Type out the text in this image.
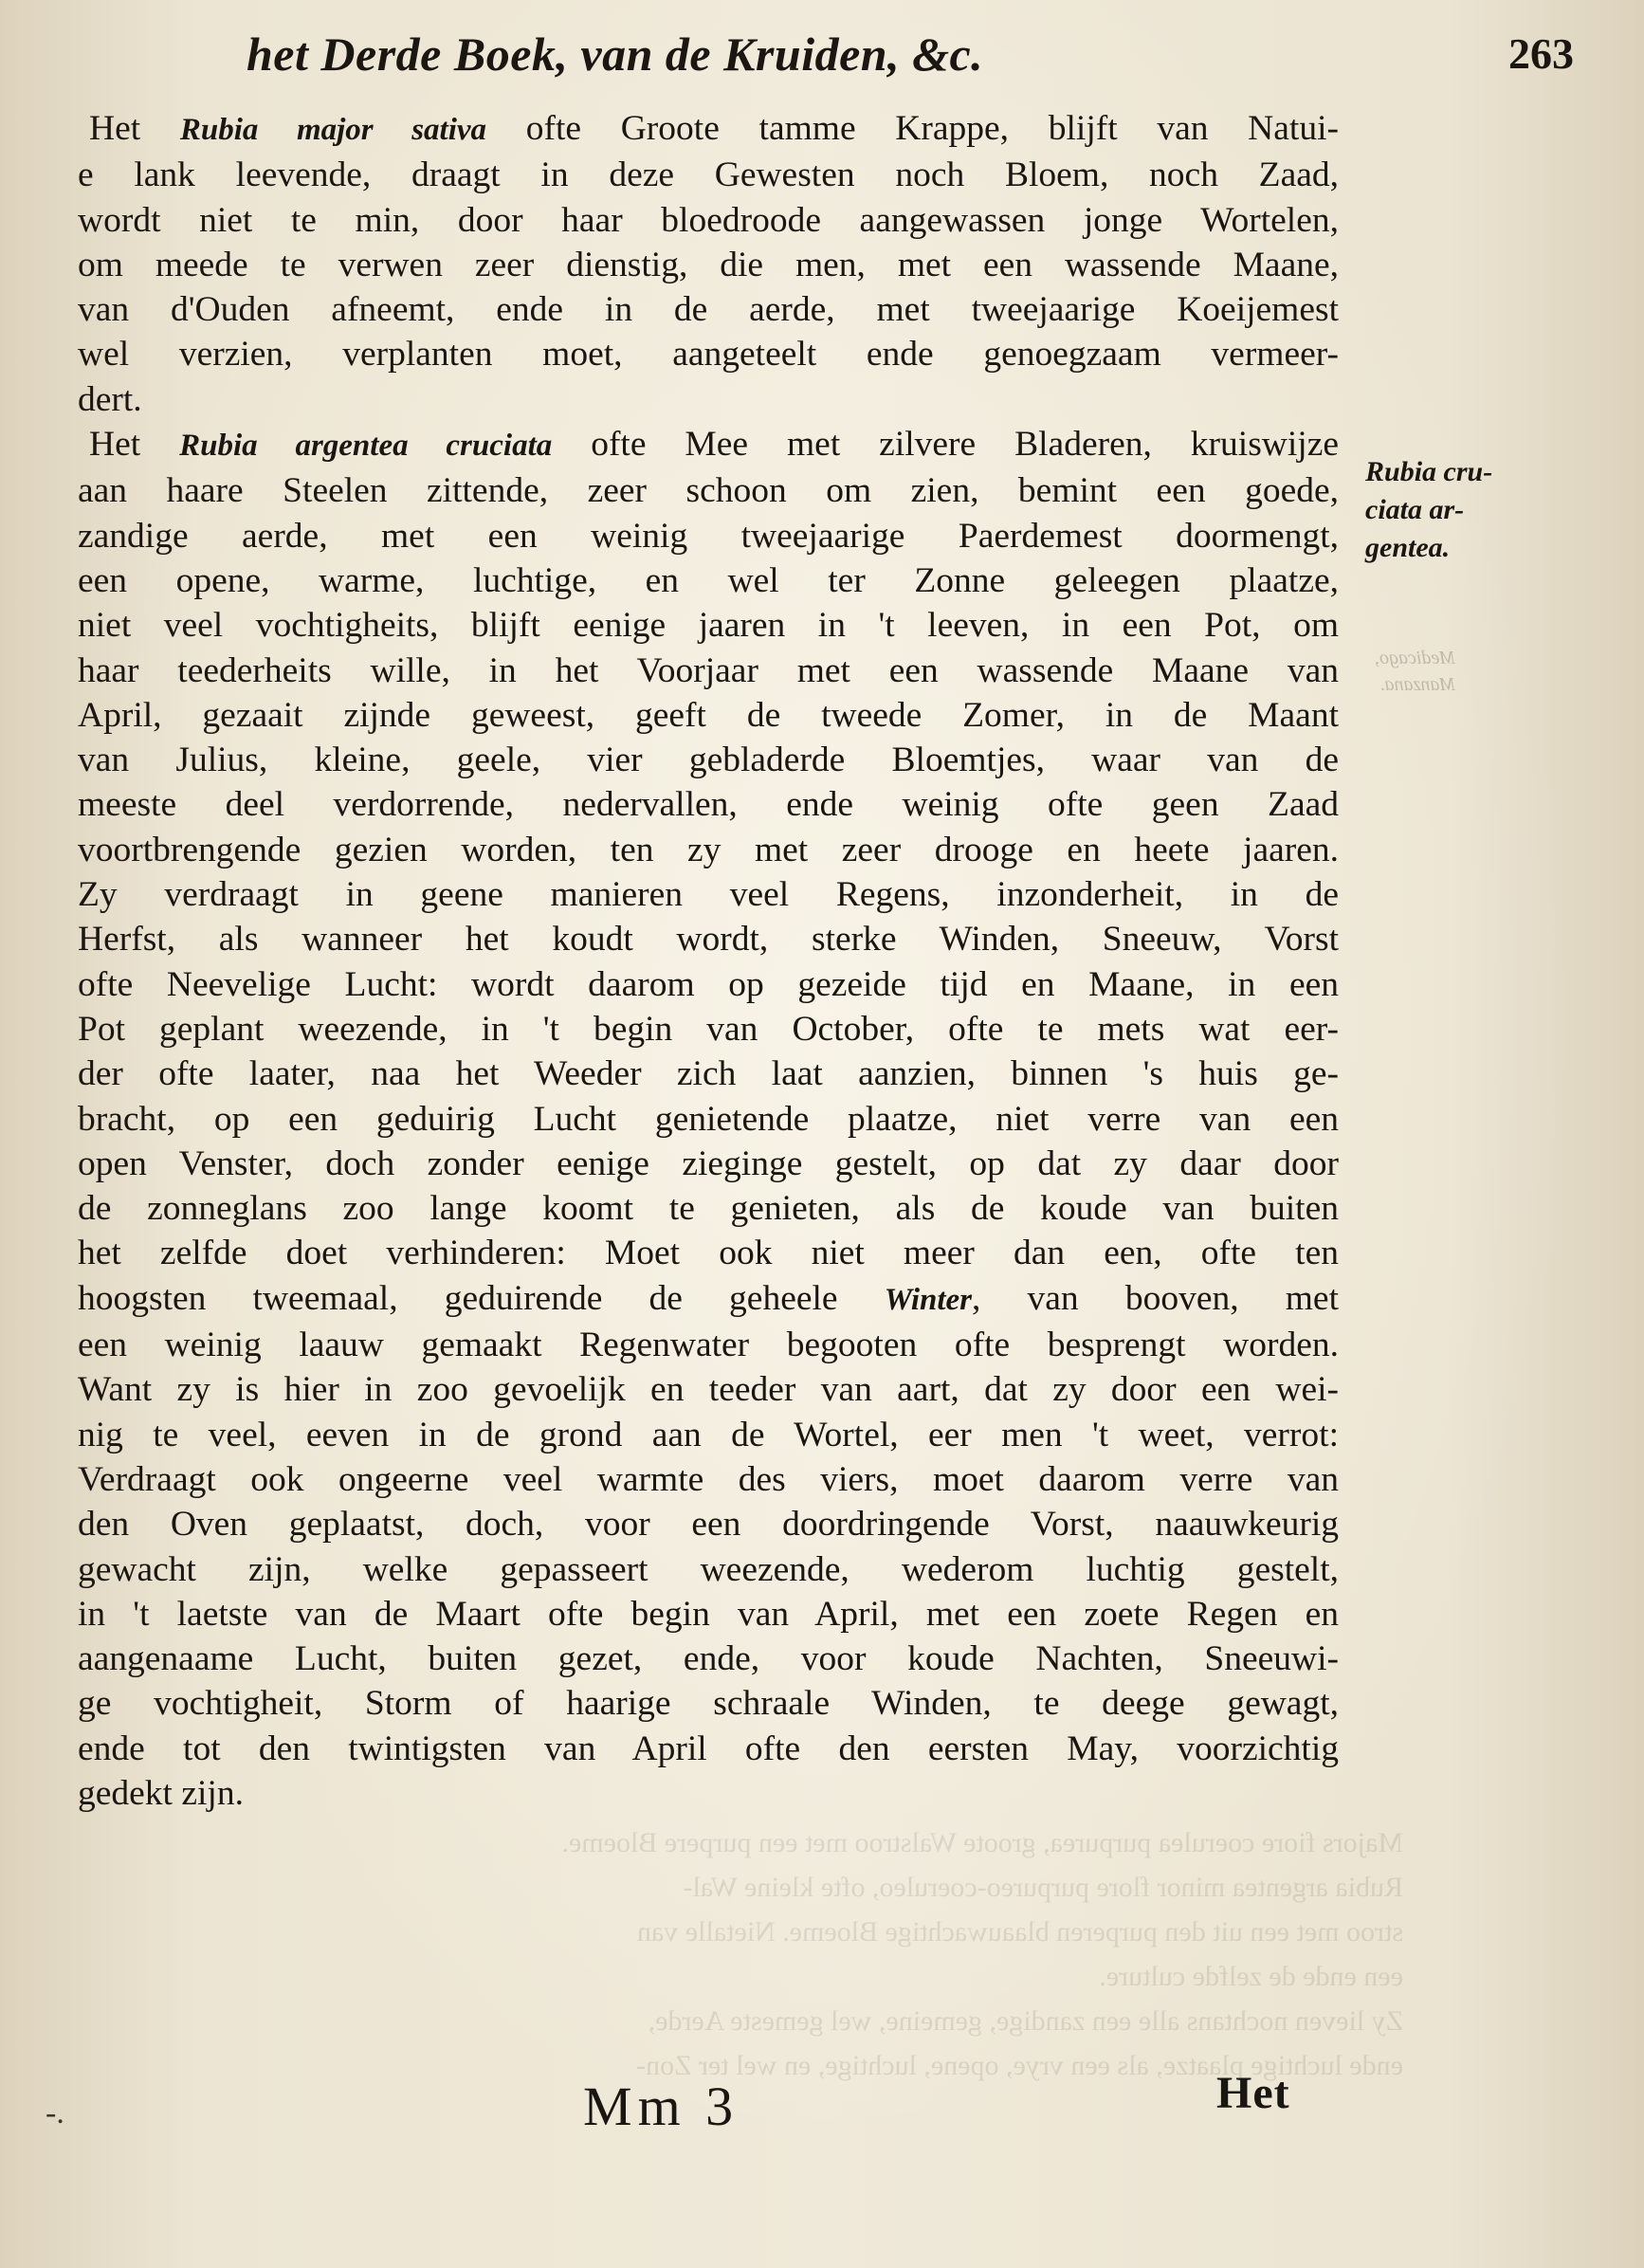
Majors fiore coerulea purpurea, groote Walstroo met een purpere Bloeme.
Rubia argentea minor flore purpureo-coeruleo, ofte kleine Wal-
stroo met een uit den purperen blaauwachtige Bloeme. Nietalle van
een ende de zelfde culture.
Zy lieven nochtans alle een zandige, gemeine, wel gemeste Aerde,
ende luchtige plaatze, als een vrye, opene, luchtige, en wel ter Zon-
het Derde Boek, van de Kruiden, &c.	263

Het Rubia major sativa ofte Groote tamme Krappe, blijft van Natui-
e lank leevende, draagt in deze Gewesten noch Bloem, noch Zaad,
wordt niet te min, door haar bloedroode aangewassen jonge Wortelen,
om meede te verwen zeer dienstig, die men, met een wassende Maane,
van d'Ouden afneemt, ende in de aerde, met tweejaarige Koeijemest
wel verzien, verplanten moet, aangeteelt ende genoegzaam vermeer-
dert.

Het Rubia argentea cruciata ofte Mee met zilvere Bladeren, kruiswijze
aan haare Steelen zittende, zeer schoon om zien, bemint een goede,
zandige aerde, met een weinig tweejaarige Paerdemest doormengt,
een opene, warme, luchtige, en wel ter Zonne geleegen plaatze,
niet veel vochtigheits, blijft eenige jaaren in 't leeven, in een Pot, om
haar teederheits wille, in het Voorjaar met een wassende Maane van
April, gezaait zijnde geweest, geeft de tweede Zomer, in de Maant
van Julius, kleine, geele, vier gebladerde Bloemtjes, waar van de
meeste deel verdorrende, nedervallen, ende weinig ofte geen Zaad
voortbrengende gezien worden, ten zy met zeer drooge en heete jaaren.
Zy verdraagt in geene manieren veel Regens, inzonderheit, in de
Herfst, als wanneer het koudt wordt, sterke Winden, Sneeuw, Vorst
ofte Neevelige Lucht: wordt daarom op gezeide tijd en Maane, in een
Pot geplant weezende, in 't begin van October, ofte te mets wat eer-
der ofte laater, naa het Weeder zich laat aanzien, binnen 's huis ge-
bracht, op een geduirig Lucht genietende plaatze, niet verre van een
open Venster, doch zonder eenige zieginge gestelt, op dat zy daar door
de zonneglans zoo lange koomt te genieten, als de koude van buiten
het zelfde doet verhinderen: Moet ook niet meer dan een, ofte ten
hoogsten tweemaal, geduirende de geheele Winter, van booven, met
een weinig laauw gemaakt Regenwater begooten ofte besprengt worden.
Want zy is hier in zoo gevoelijk en teeder van aart, dat zy door een wei-
nig te veel, eeven in de grond aan de Wortel, eer men 't weet, verrot:
Verdraagt ook ongeerne veel warmte des viers, moet daarom verre van
den Oven geplaatst, doch, voor een doordringende Vorst, naauwkeurig
gewacht zijn, welke gepasseert weezende, wederom luchtig gestelt,
in 't laetste van de Maart ofte begin van April, met een zoete Regen en
aangenaame Lucht, buiten gezet, ende, voor koude Nachten, Sneeuwi-
ge vochtigheit, Storm of haarige schraale Winden, te deege gewagt,
ende tot den twintigsten van April ofte den eersten May, voorzichtig
gedekt zijn.

Rubia cru-
ciata ar-
gentea.
Medicago,
Manzana.
-.	Mm 3	Het
